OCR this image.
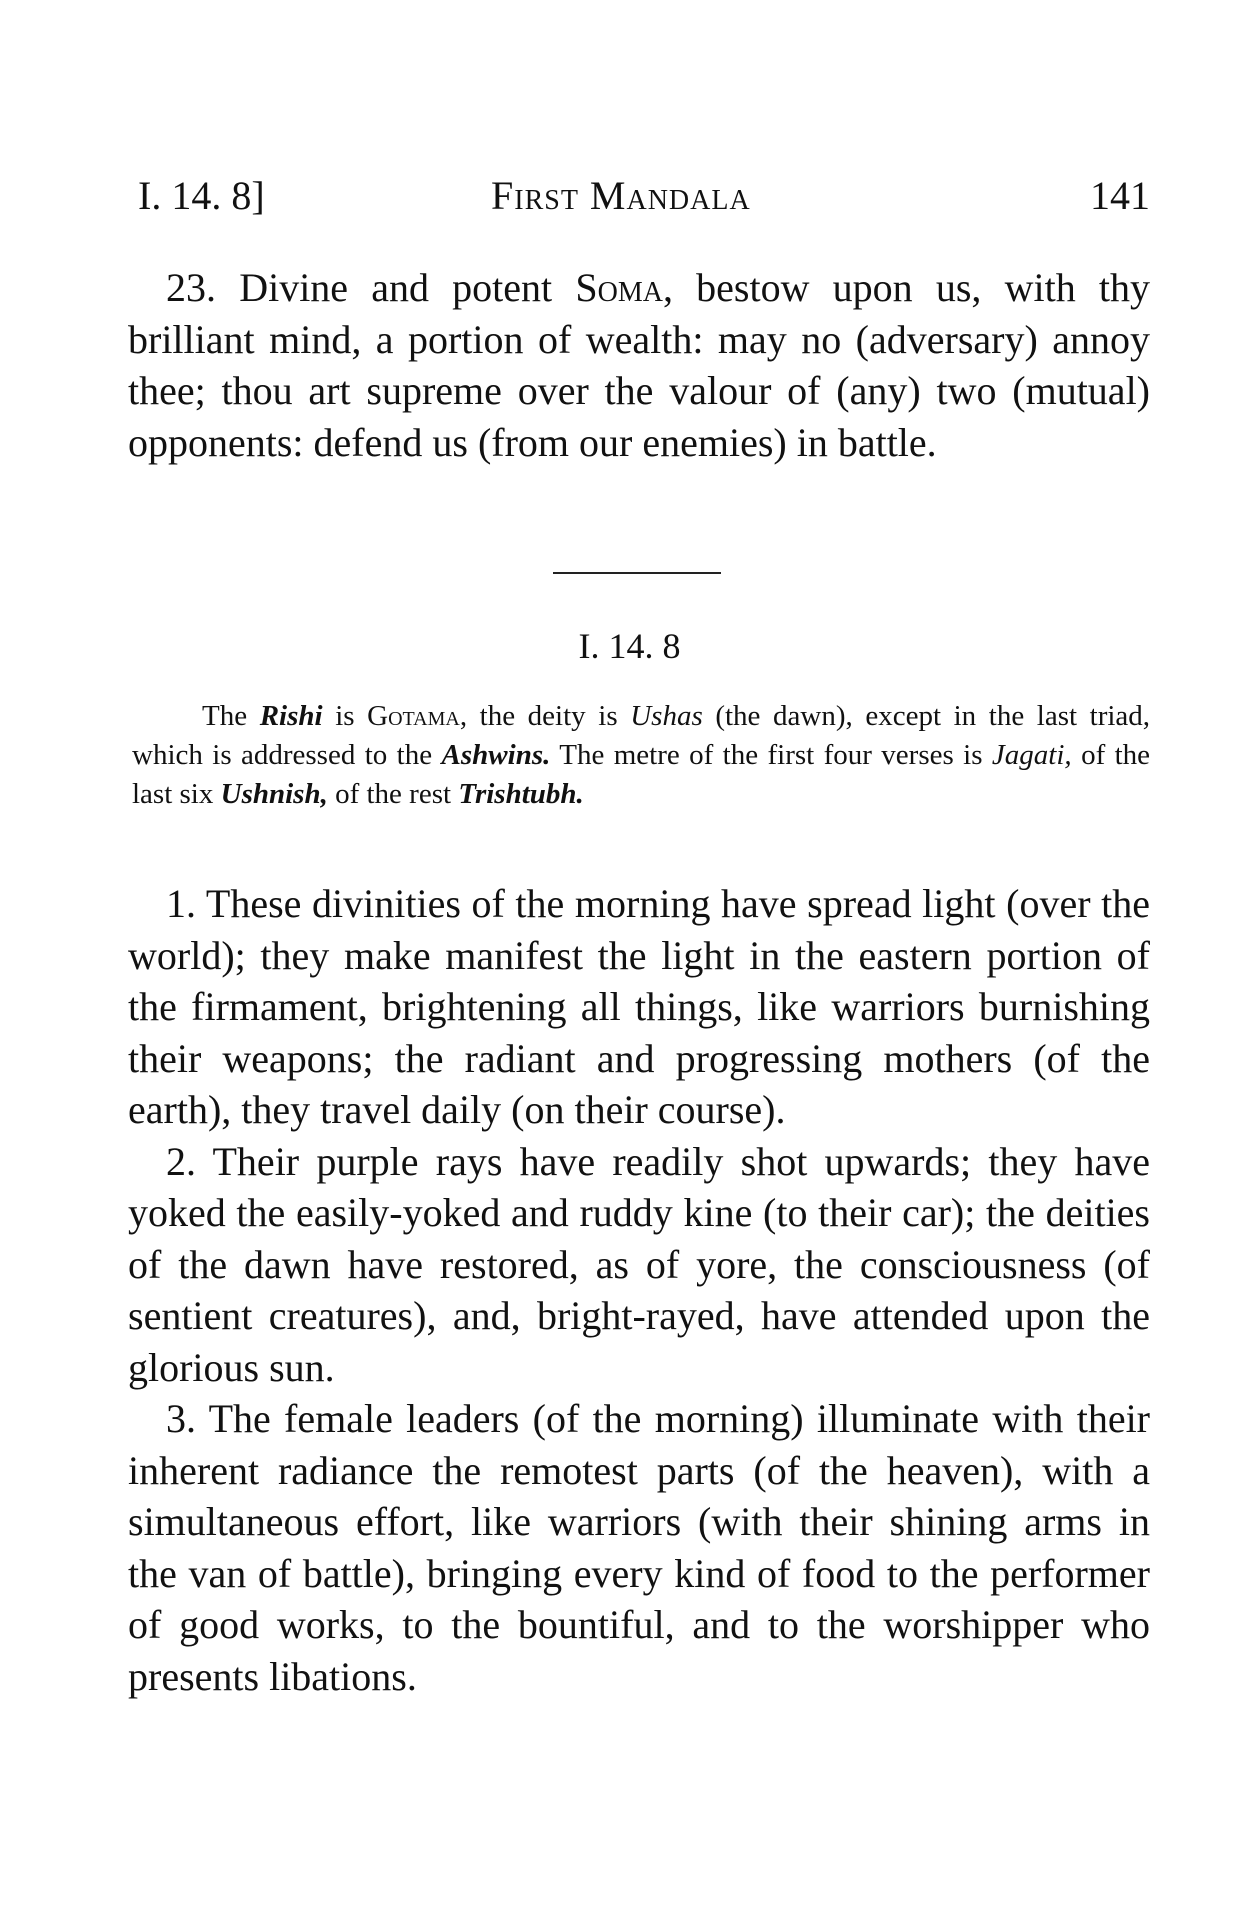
I. 14. 8]	First Mandala	141

23. Divine and potent Soma, bestow upon us, with thy brilliant mind, a portion of wealth: may no (adversary) annoy thee; thou art supreme over the valour of (any) two (mutual) opponents: defend us (from our enemies) in battle.

I. 14. 8

The Rishi is Gotama, the deity is Ushas (the dawn), except in the last triad, which is addressed to the Ashwins. The metre of the first four verses is Jagati, of the last six Ushnish, of the rest Trishtubh.

1. These divinities of the morning have spread light (over the world); they make manifest the light in the eastern portion of the firmament, brightening all things, like warriors burnishing their weapons; the radiant and progressing mothers (of the earth), they travel daily (on their course).

2. Their purple rays have readily shot upwards; they have yoked the easily-yoked and ruddy kine (to their car); the deities of the dawn have restored, as of yore, the consciousness (of sentient creatures), and, bright-rayed, have attended upon the glorious sun.

3. The female leaders (of the morning) illuminate with their inherent radiance the remotest parts (of the heaven), with a simultaneous effort, like warriors (with their shining arms in the van of battle), bringing every kind of food to the performer of good works, to the bountiful, and to the worshipper who presents libations.
